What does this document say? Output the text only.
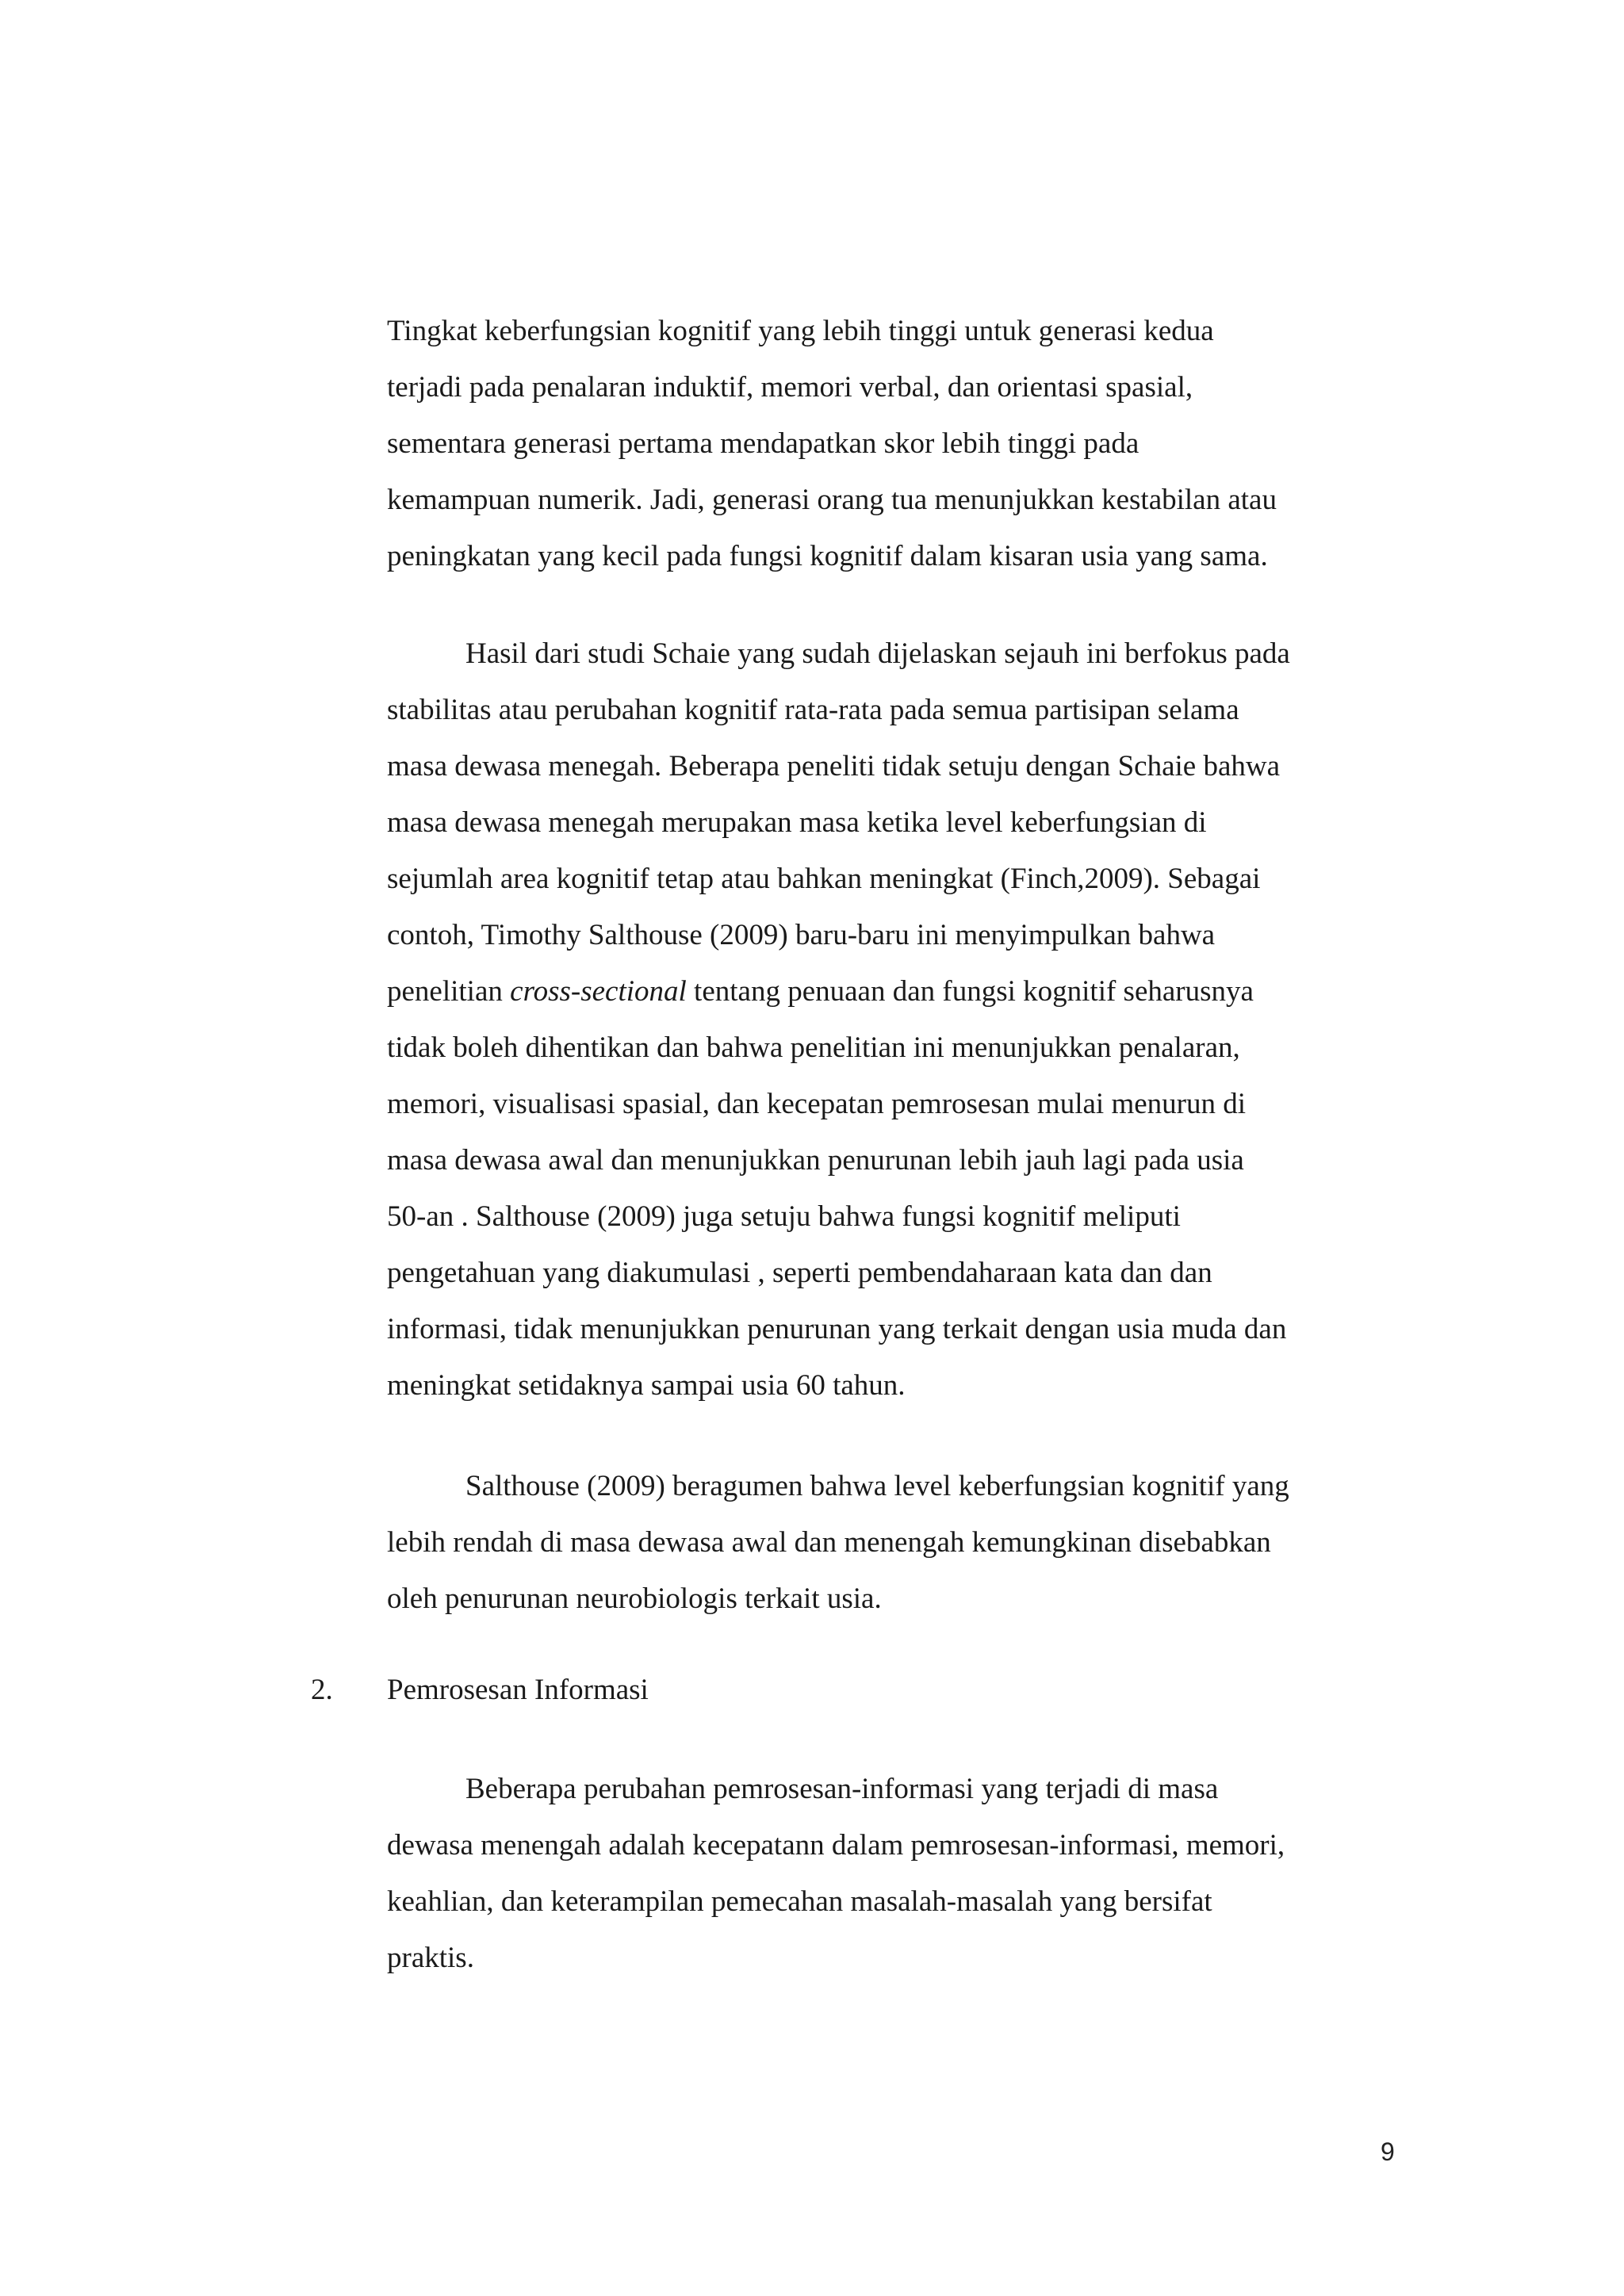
Tingkat keberfungsian kognitif yang lebih tinggi untuk generasi kedua
terjadi pada penalaran induktif, memori verbal, dan orientasi spasial,
sementara generasi pertama mendapatkan skor lebih tinggi pada
kemampuan numerik. Jadi, generasi orang tua menunjukkan kestabilan atau
peningkatan yang kecil pada fungsi kognitif dalam kisaran usia yang sama.
Hasil dari studi Schaie yang sudah dijelaskan sejauh ini berfokus pada
stabilitas atau perubahan kognitif rata-rata pada semua partisipan selama
masa dewasa menegah. Beberapa peneliti tidak setuju dengan Schaie bahwa
masa dewasa menegah merupakan masa ketika level keberfungsian di
sejumlah area kognitif tetap atau bahkan meningkat (Finch,2009). Sebagai
contoh, Timothy Salthouse (2009) baru-baru ini menyimpulkan bahwa
penelitian cross-sectional tentang penuaan dan fungsi kognitif seharusnya
tidak boleh dihentikan dan bahwa penelitian ini menunjukkan penalaran,
memori, visualisasi spasial, dan kecepatan pemrosesan mulai menurun di
masa dewasa awal dan menunjukkan penurunan lebih jauh lagi pada usia
50-an . Salthouse (2009) juga setuju bahwa fungsi kognitif meliputi
pengetahuan yang diakumulasi , seperti pembendaharaan kata dan dan
informasi, tidak menunjukkan penurunan yang terkait dengan usia muda dan
meningkat setidaknya sampai usia 60 tahun.
Salthouse (2009) beragumen bahwa level keberfungsian kognitif yang
lebih rendah di masa dewasa awal dan menengah kemungkinan disebabkan
oleh penurunan neurobiologis terkait usia.
2. Pemrosesan Informasi
Beberapa perubahan pemrosesan-informasi yang terjadi di masa
dewasa menengah adalah kecepatann dalam pemrosesan-informasi, memori,
keahlian, dan keterampilan pemecahan masalah-masalah yang bersifat
praktis.
9
